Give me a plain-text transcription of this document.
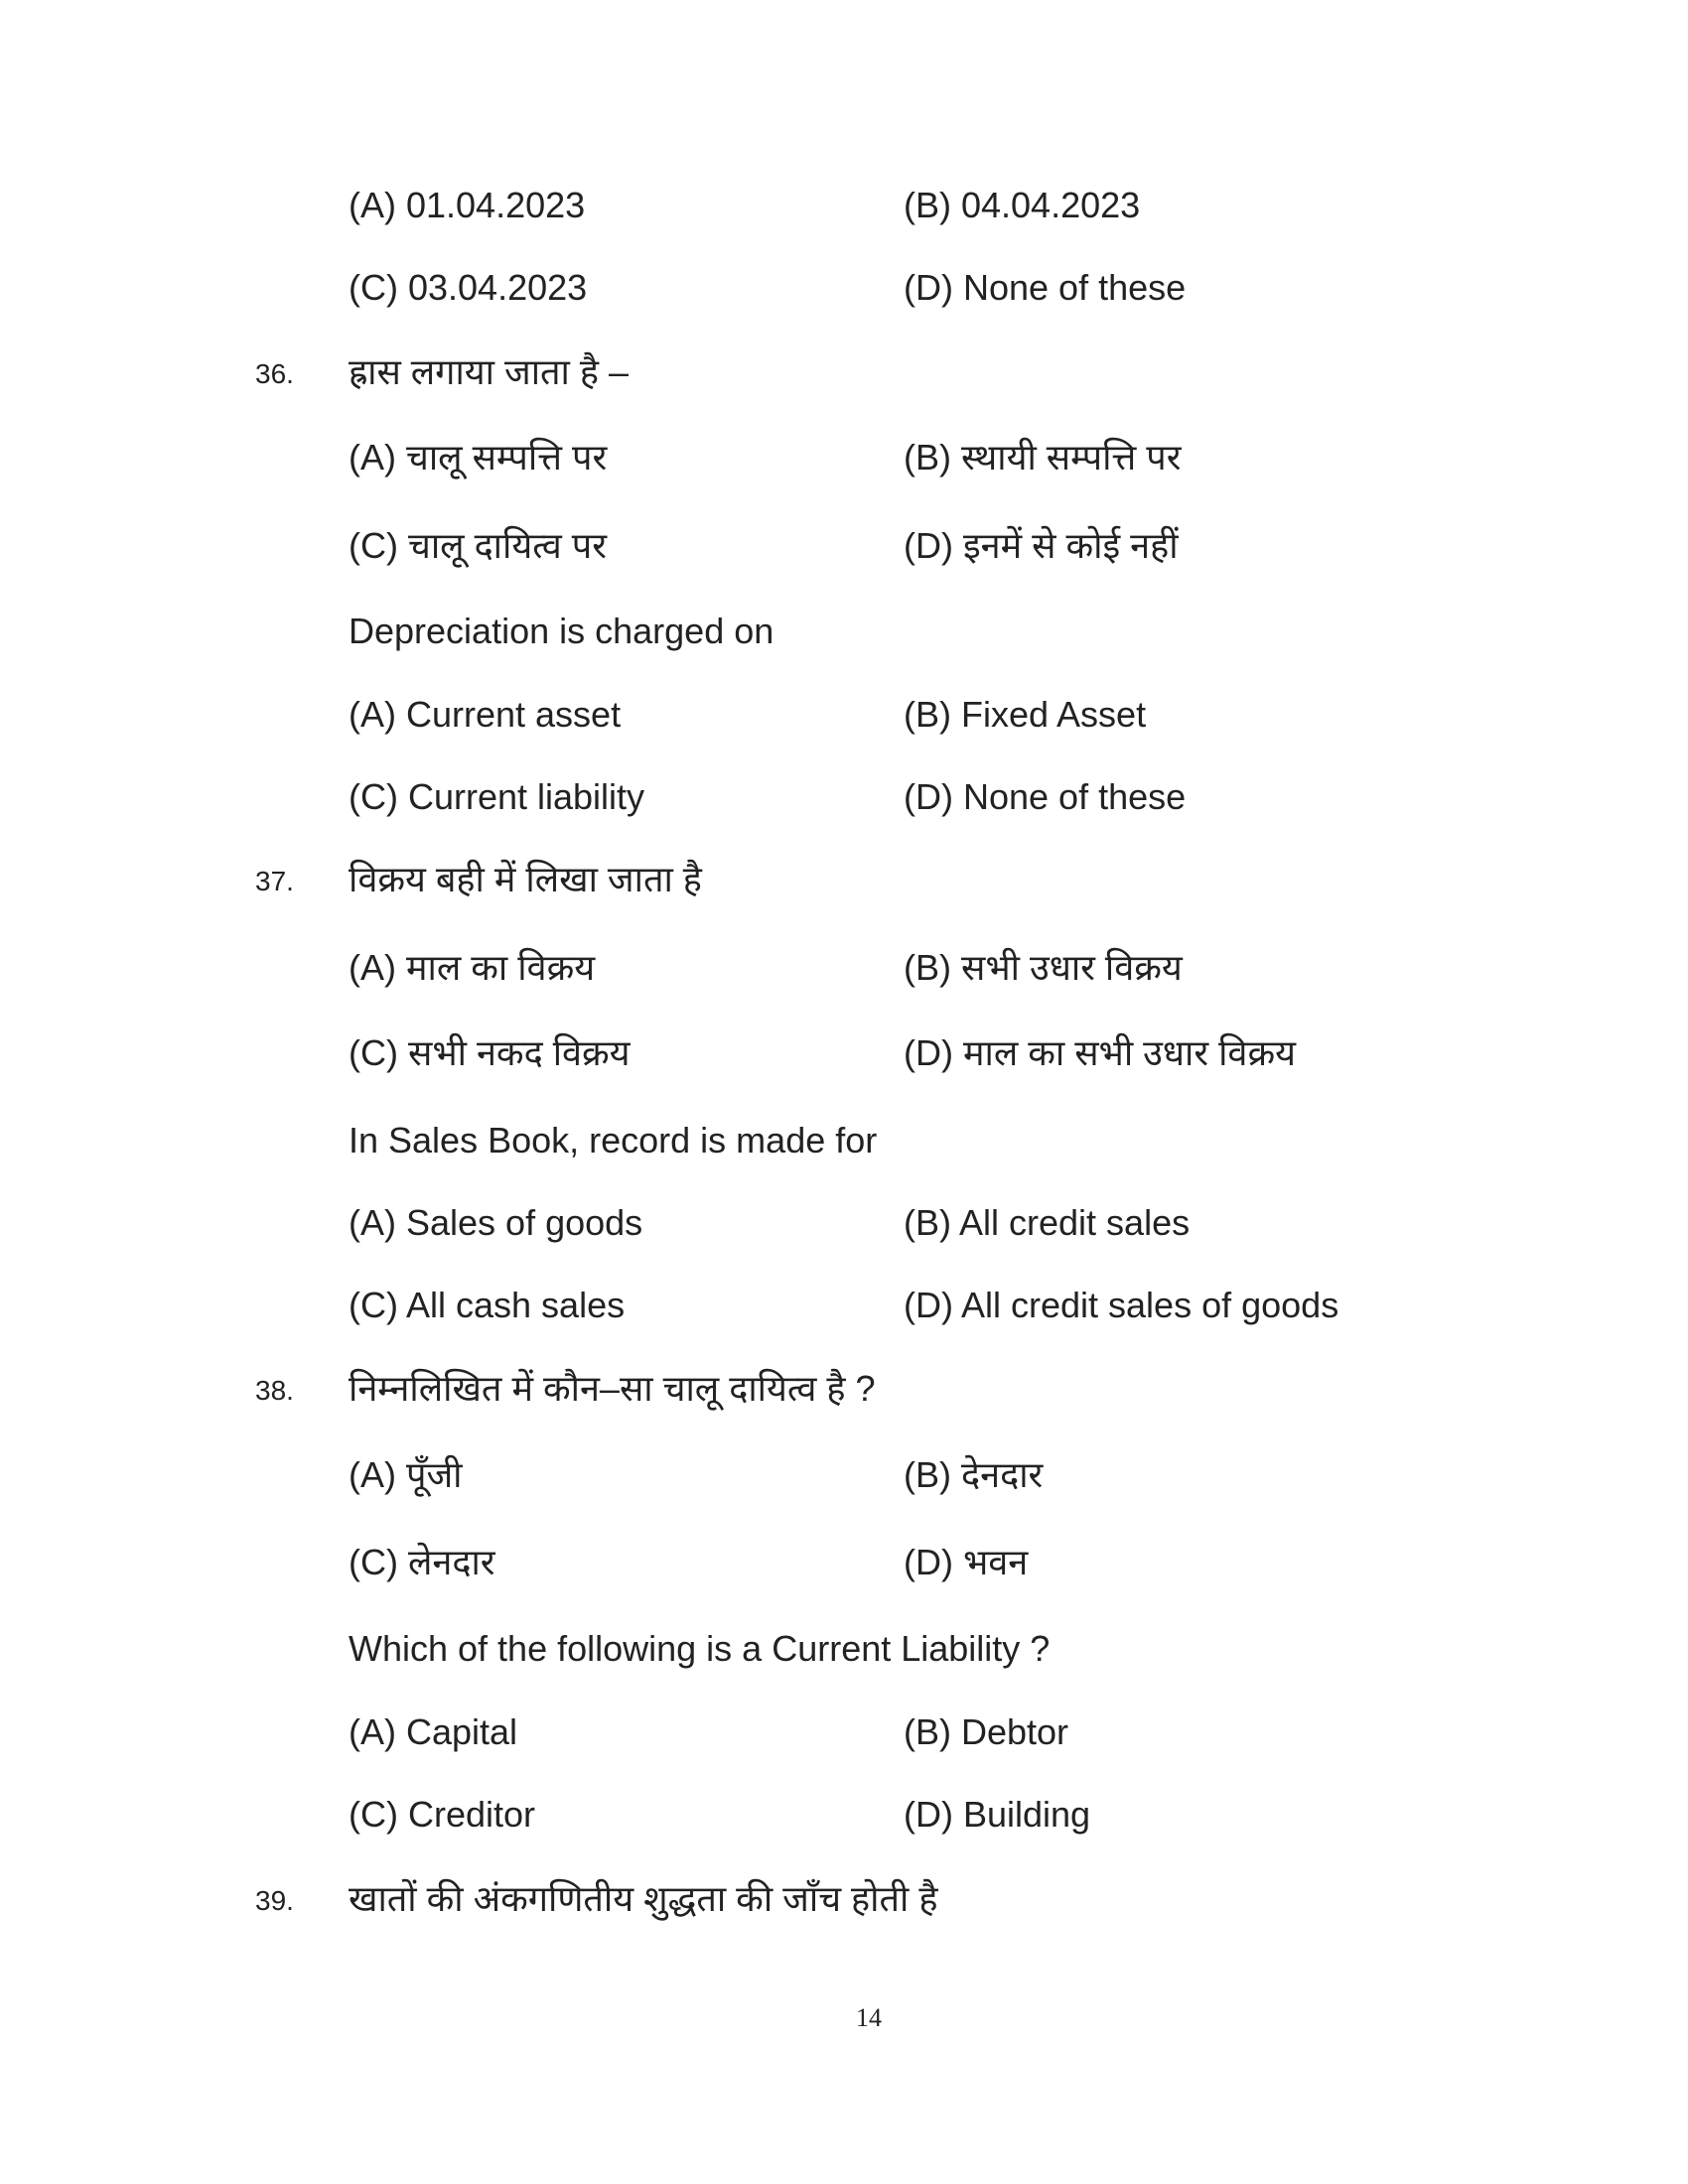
(A) 01.04.2023	(B) 04.04.2023
(C) 03.04.2023	(D) None of these
36. ह्रास लगाया जाता है –
(A) चालू सम्पत्ति पर	(B) स्थायी सम्पत्ति पर
(C) चालू दायित्व पर	(D) इनमें से कोई नहीं
Depreciation is charged on
(A) Current asset	(B) Fixed Asset
(C) Current liability	(D) None of these
37. विक्रय बही में लिखा जाता है
(A) माल का विक्रय	(B) सभी उधार विक्रय
(C) सभी नकद विक्रय	(D) माल का सभी उधार विक्रय
In Sales Book, record is made for
(A) Sales of goods	(B) All credit sales
(C) All cash sales	(D) All credit sales of goods
38. निम्नलिखित में कौन–सा चालू दायित्व है ?
(A) पूँजी	(B) देनदार
(C) लेनदार	(D) भवन
Which of the following is a Current Liability ?
(A) Capital	(B) Debtor
(C) Creditor	(D) Building
39. खातों की अंकगणितीय शुद्धता की जाँच होती है
14
